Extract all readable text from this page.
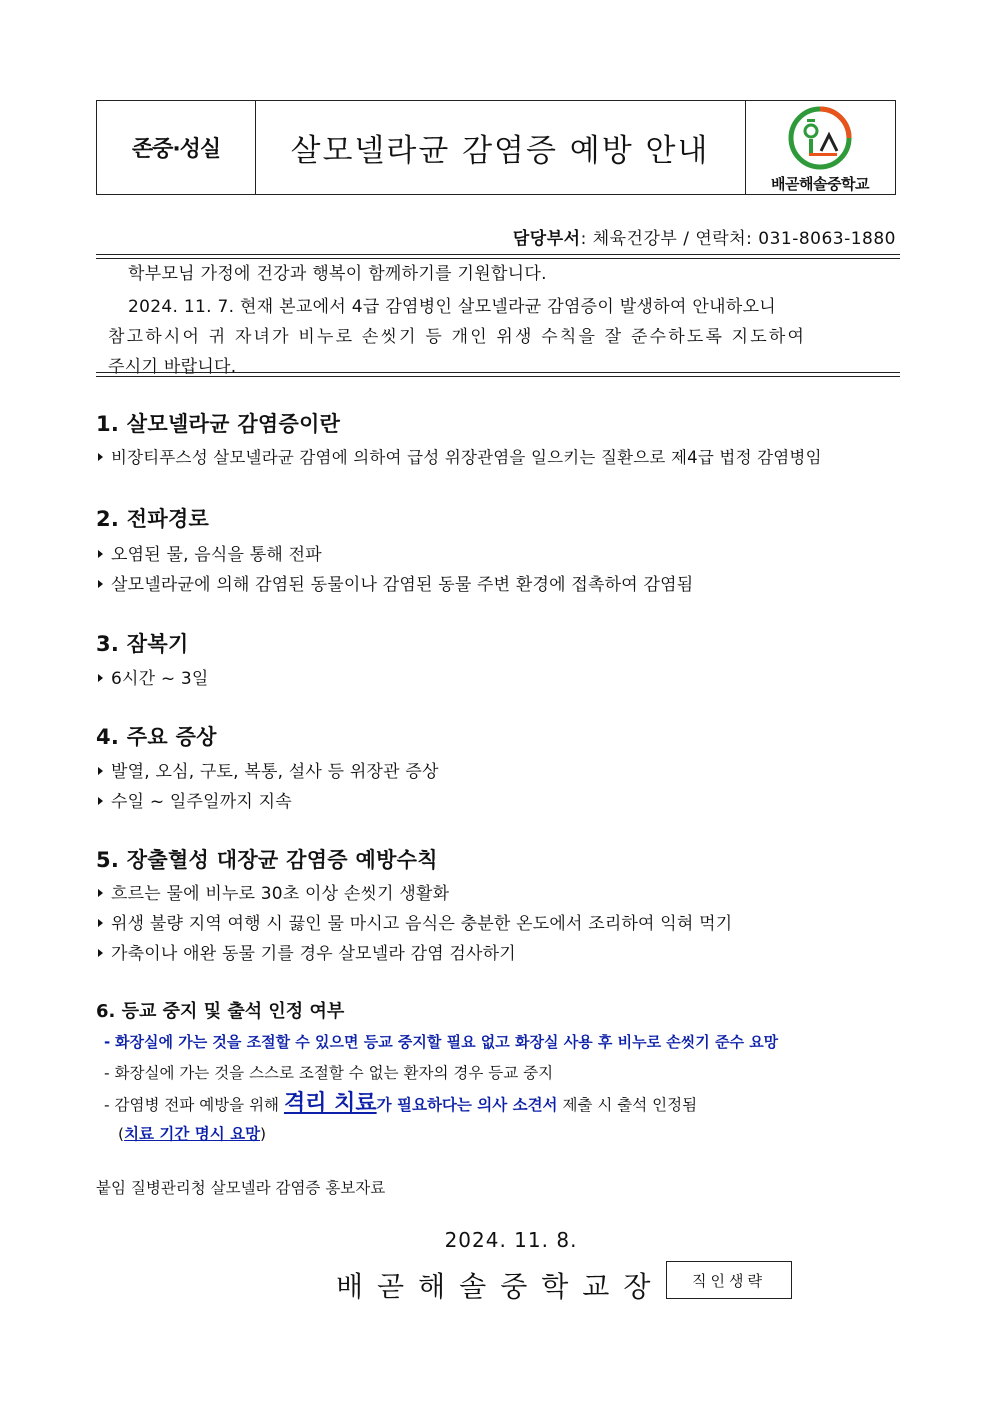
존중·성실	살모넬라균 감염증 예방 안내
배곧해솔중학교
담당부서: 체육건강부 / 연락처: 031-8063-1880
학부모님 가정에 건강과 행복이 함께하기를 기원합니다.
2024. 11. 7. 현재 본교에서 4급 감염병인 살모넬라균 감염증이 발생하여 안내하오니
참고하시어 귀 자녀가 비누로 손씻기 등 개인 위생 수칙을 잘 준수하도록 지도하여
주시기 바랍니다.
1. 살모넬라균 감염증이란
비장티푸스성 살모넬라균 감염에 의하여 급성 위장관염을 일으키는 질환으로 제4급 법정 감염병임
2. 전파경로
오염된 물, 음식을 통해 전파
살모넬라균에 의해 감염된 동물이나 감염된 동물 주변 환경에 접촉하여 감염됨
3. 잠복기
6시간 ~ 3일
4. 주요 증상
발열, 오심, 구토, 복통, 설사 등 위장관 증상
수일 ~ 일주일까지 지속
5. 장출혈성 대장균 감염증 예방수칙
흐르는 물에 비누로 30초 이상 손씻기 생활화
위생 불량 지역 여행 시 끓인 물 마시고 음식은 충분한 온도에서 조리하여 익혀 먹기
가축이나 애완 동물 기를 경우 살모넬라 감염 검사하기
6. 등교 중지 및 출석 인정 여부
- 화장실에 가는 것을 조절할 수 있으면 등교 중지할 필요 없고 화장실 사용 후 비누로 손씻기 준수 요망
- 화장실에 가는 것을 스스로 조절할 수 없는 환자의 경우 등교 중지
- 감염병 전파 예방을 위해 격리 치료가 필요하다는 의사 소견서 제출 시 출석 인정됨
(치료 기간 명시 요망)
붙임 질병관리청 살모넬라 감염증 홍보자료
2024. 11. 8.
배곧해솔중학교장	직인생략
